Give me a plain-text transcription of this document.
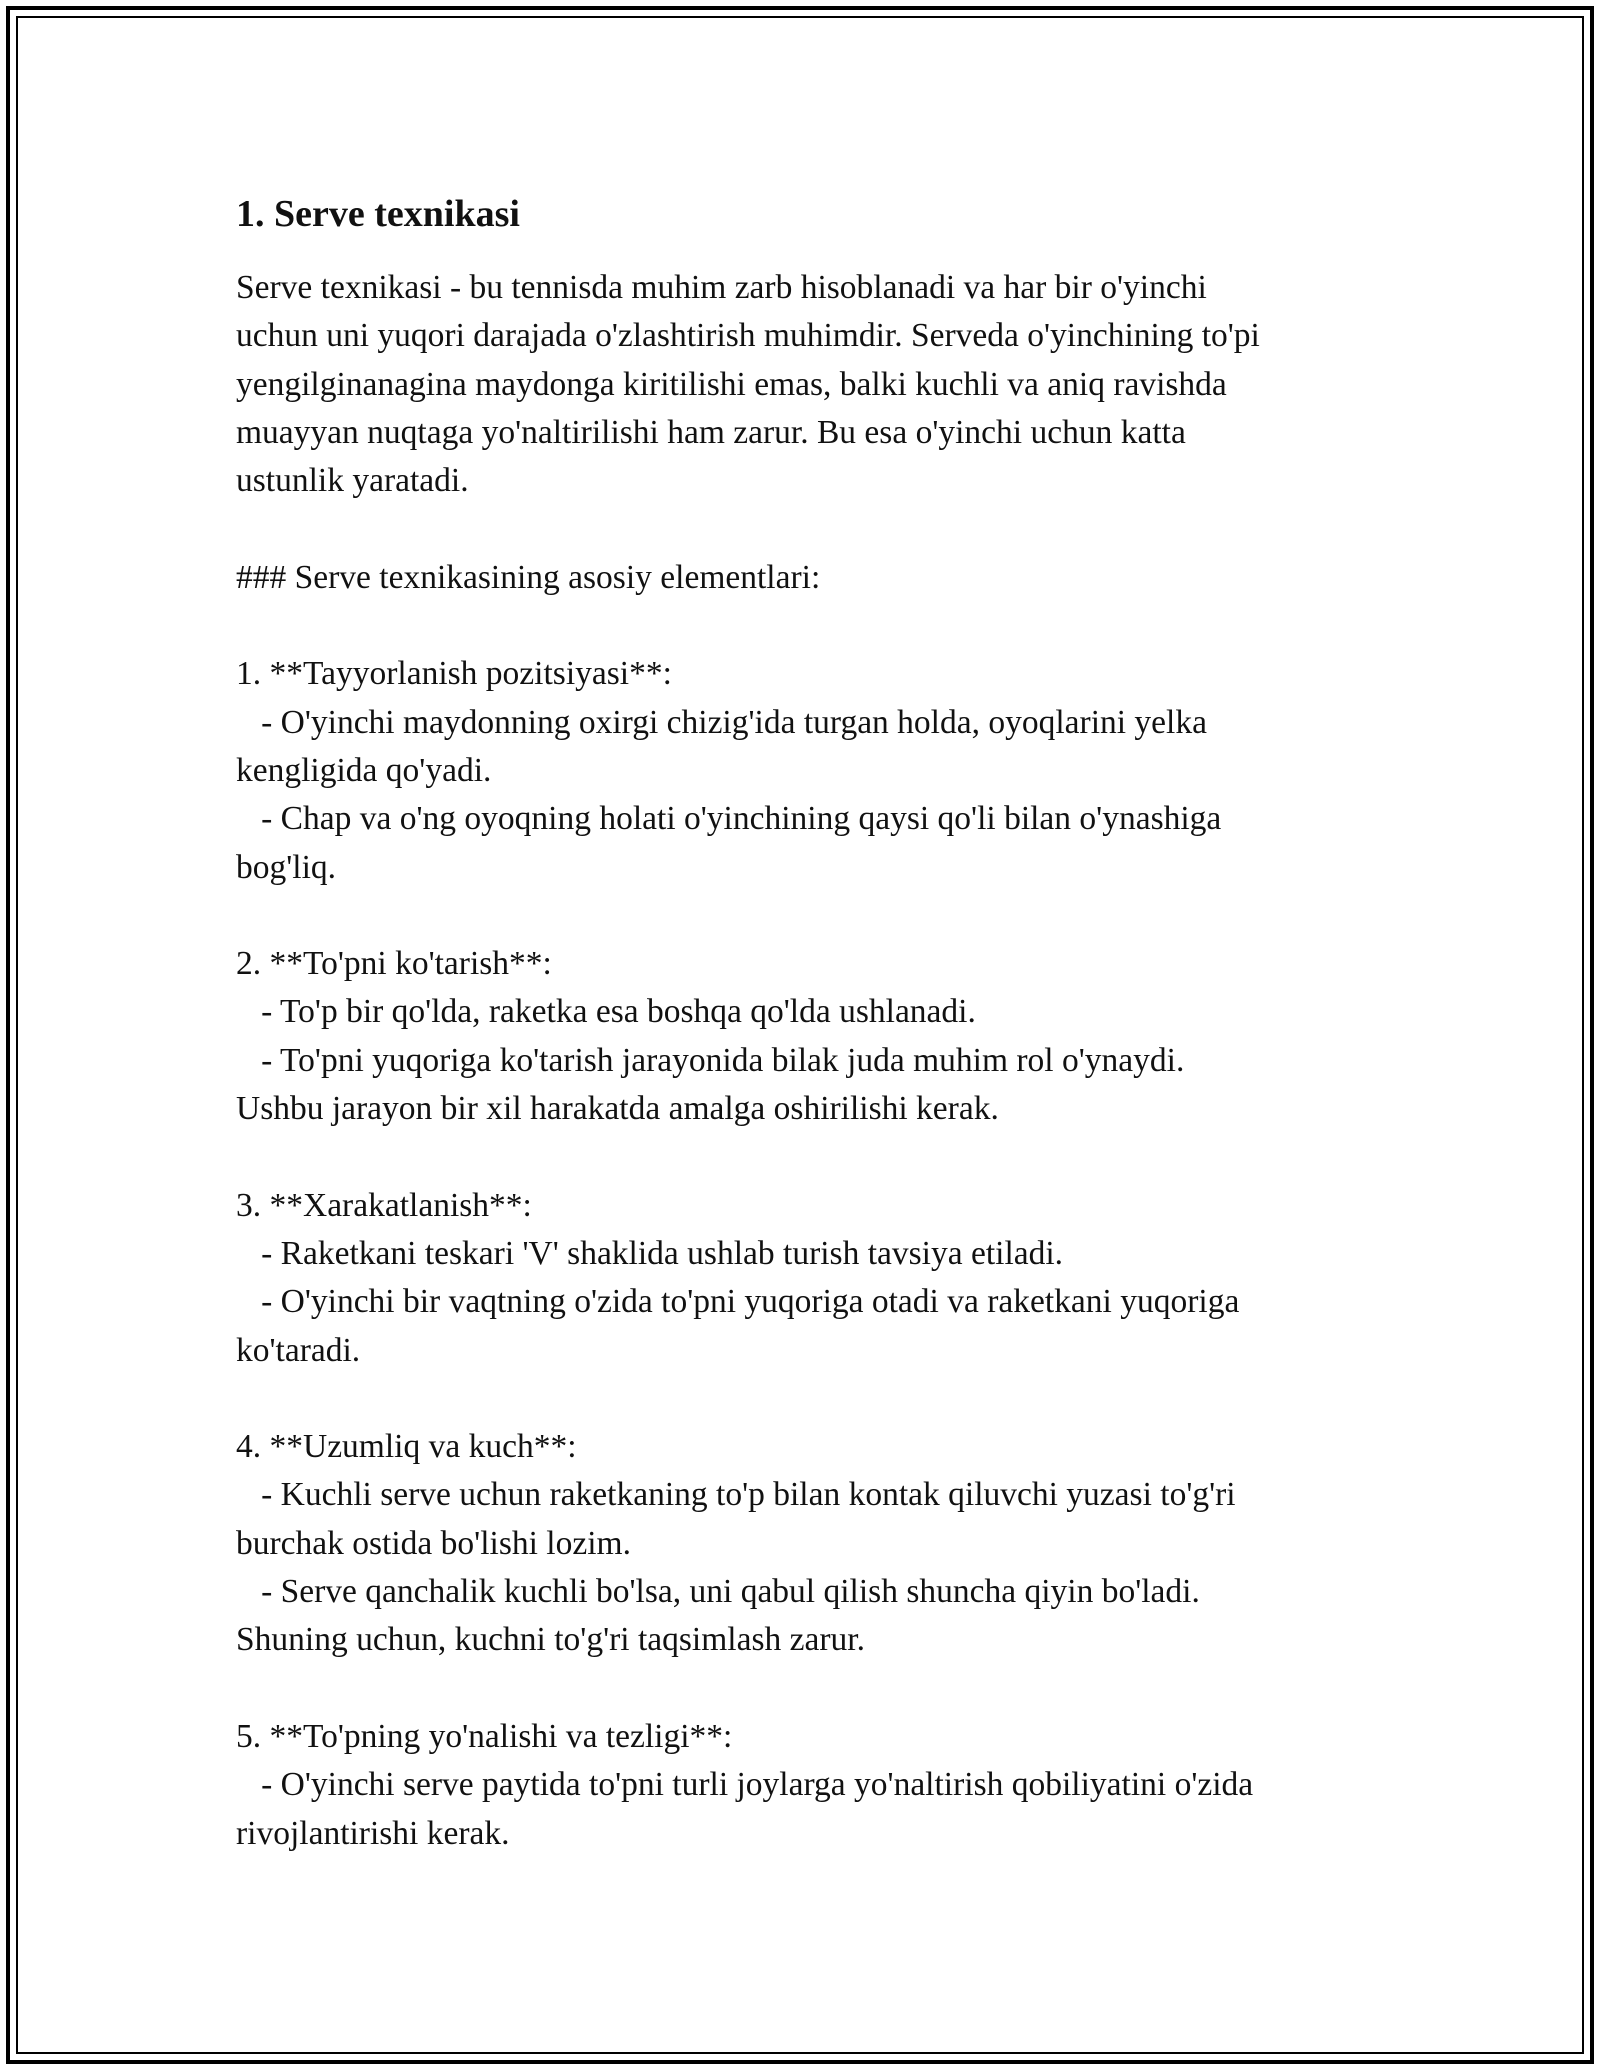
1. Serve texnikasi
Serve texnikasi - bu tennisda muhim zarb hisoblanadi va har bir o'yinchi
uchun uni yuqori darajada o'zlashtirish muhimdir. Serveda o'yinchining to'pi
yengilginanagina maydonga kiritilishi emas, balki kuchli va aniq ravishda
muayyan nuqtaga yo'naltirilishi ham zarur. Bu esa o'yinchi uchun katta
ustunlik yaratadi.

### Serve texnikasining asosiy elementlari:

1. **Tayyorlanish pozitsiyasi**:
- O'yinchi maydonning oxirgi chizig'ida turgan holda, oyoqlarini yelka
kengligida qo'yadi.
- Chap va o'ng oyoqning holati o'yinchining qaysi qo'li bilan o'ynashiga
bog'liq.

2. **To'pni ko'tarish**:
- To'p bir qo'lda, raketka esa boshqa qo'lda ushlanadi.
- To'pni yuqoriga ko'tarish jarayonida bilak juda muhim rol o'ynaydi.
Ushbu jarayon bir xil harakatda amalga oshirilishi kerak.

3. **Xarakatlanish**:
- Raketkani teskari 'V' shaklida ushlab turish tavsiya etiladi.
- O'yinchi bir vaqtning o'zida to'pni yuqoriga otadi va raketkani yuqoriga
ko'taradi.

4. **Uzumliq va kuch**:
- Kuchli serve uchun raketkaning to'p bilan kontak qiluvchi yuzasi to'g'ri
burchak ostida bo'lishi lozim.
- Serve qanchalik kuchli bo'lsa, uni qabul qilish shuncha qiyin bo'ladi.
Shuning uchun, kuchni to'g'ri taqsimlash zarur.

5. **To'pning yo'nalishi va tezligi**:
- O'yinchi serve paytida to'pni turli joylarga yo'naltirish qobiliyatini o'zida
rivojlantirishi kerak.
